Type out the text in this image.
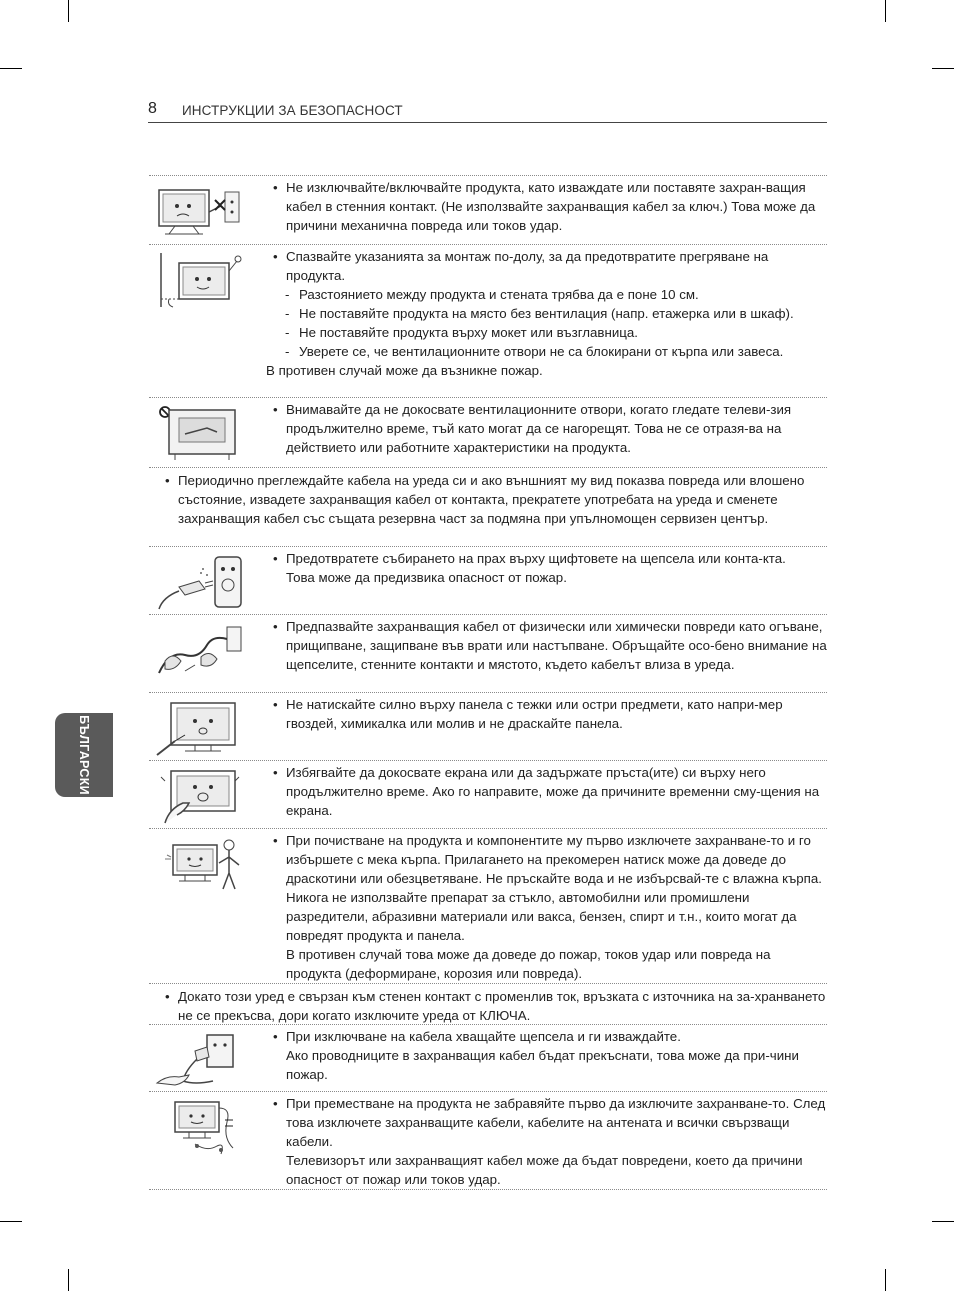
8 ИНСТРУКЦИИ ЗА БЕЗОПАСНОСТ
БЪЛГАРСКИ
• Не изключвайте/включвайте продукта, като изваждате или поставяте захран-ващия кабел в стенния контакт. (Не използвайте захранващия кабел за ключ.) Това може да причини механична повреда или токов удар.
• Спазвайте указанията за монтаж по-долу, за да предотвратите прегряване на продукта.
- Разстоянието между продукта и стената трябва да е поне 10 см.
- Не поставяйте продукта на място без вентилация (напр. етажерка или в шкаф).
- Не поставяйте продукта върху мокет или възглавница.
- Уверете се, че вентилационните отвори не са блокирани от кърпа или завеса.
В противен случай може да възникне пожар.
• Внимавайте да не докосвате вентилационните отвори, когато гледате телеви-зия продължително време, тъй като могат да се нагорещят. Това не се отразя-ва на действието или работните характеристики на продукта.
• Периодично преглеждайте кабела на уреда си и ако външният му вид показва повреда или влошено състояние, извадете захранващия кабел от контакта, прекратете употребата на уреда и сменете захранващия кабел със същата резервна част за подмяна при упълномощен сервизен център.
• Предотвратете събирането на прах върху щифтовете на щепсела или конта-кта.
Това може да предизвика опасност от пожар.
• Предпазвайте захранващия кабел от физически или химически повреди като огъване, прищипване, защипване във врати или настъпване. Обръщайте осо-бено внимание на щепселите, стенните контакти и мястото, където кабелът влиза в уреда.
• Не натискайте силно върху панела с тежки или остри предмети, като напри-мер гвоздей, химикалка или молив и не драскайте панела.
• Избягвайте да докосвате екрана или да задържате пръста(ите) си върху него продължително време. Ако го направите, може да причините временни сму-щения на екрана.
• При почистване на продукта и компонентите му първо изключете захранване-то и го избършете с мека кърпа. Прилагането на прекомерен натиск може да доведе до драскотини или обезцветяване. Не пръскайте вода и не избърсвай-те с влажна кърпа. Никога не използвайте препарат за стъкло, автомобилни или промишлени разредители, абразивни материали или вакса, бензен, спирт и т.н., които могат да повредят продукта и панела.
В противен случай това може да доведе до пожар, токов удар или повреда на продукта (деформиране, корозия или повреда).
• Докато този уред е свързан към стенен контакт с променлив ток, връзката с източника на за-хранването не се прекъсва, дори когато изключите уреда от КЛЮЧА.
• При изключване на кабела хващайте щепсела и ги изваждайте.
Ако проводниците в захранващия кабел бъдат прекъснати, това може да при-чини пожар.
• При преместване на продукта не забравяйте първо да изключите захранване-то. След това изключете захранващите кабели, кабелите на антената и всички свързващи кабели.
Телевизорът или захранващият кабел може да бъдат повредени, което да причини опасност от пожар или токов удар.
